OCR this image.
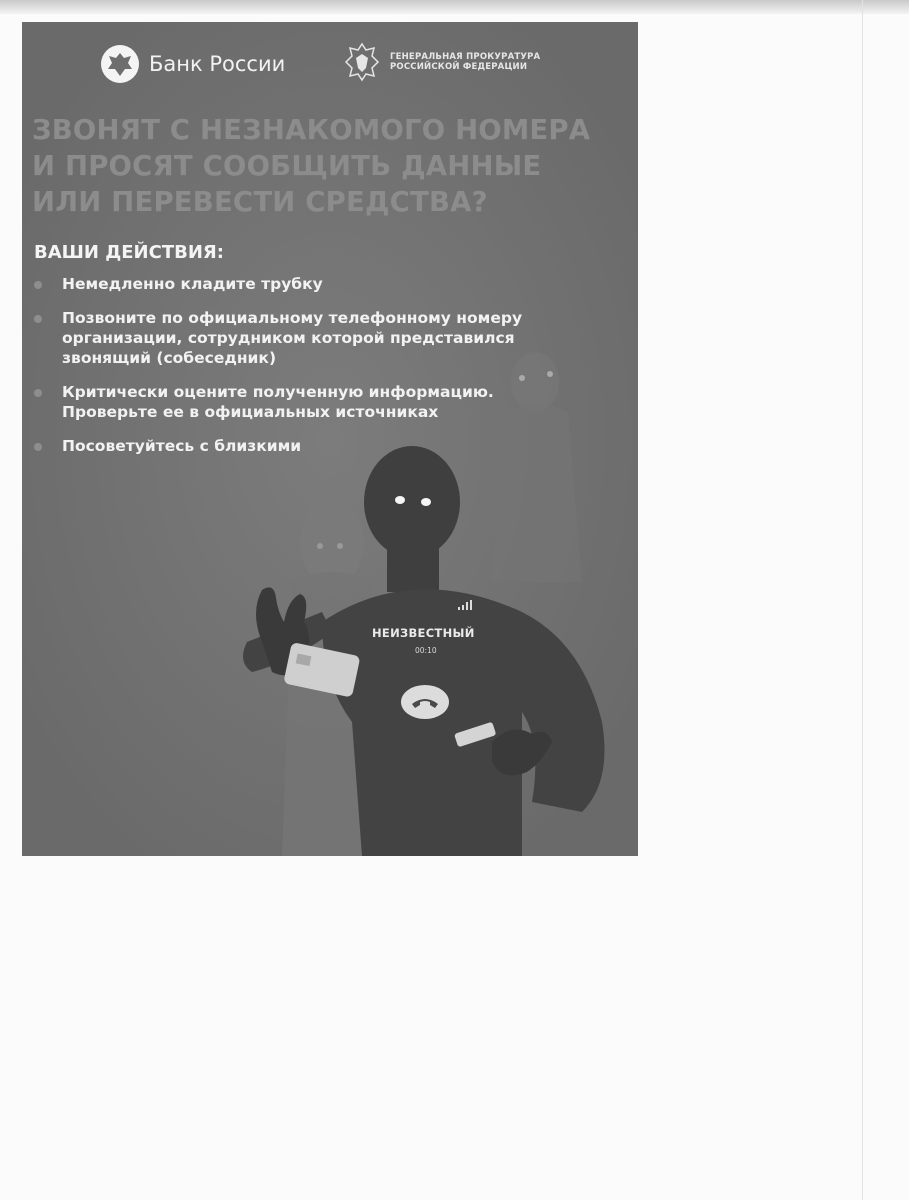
Банк России	ГЕНЕРАЛЬНАЯ ПРОКУРАТУРА
РОССИЙСКОЙ ФЕДЕРАЦИИ
ЗВОНЯТ С НЕЗНАКОМОГО НОМЕРА
И ПРОСЯТ СООБЩИТЬ ДАННЫЕ
ИЛИ ПЕРЕВЕСТИ СРЕДСТВА?
ВАШИ ДЕЙСТВИЯ:
Немедленно кладите трубку
Позвоните по официальному телефонному номеру
организации, сотрудником которой представился
звонящий (собеседник)
Критически оцените полученную информацию.
Проверьте ее в официальных источниках
Посоветуйтесь с близкими
НЕИЗВЕСТНЫЙ
00:10
